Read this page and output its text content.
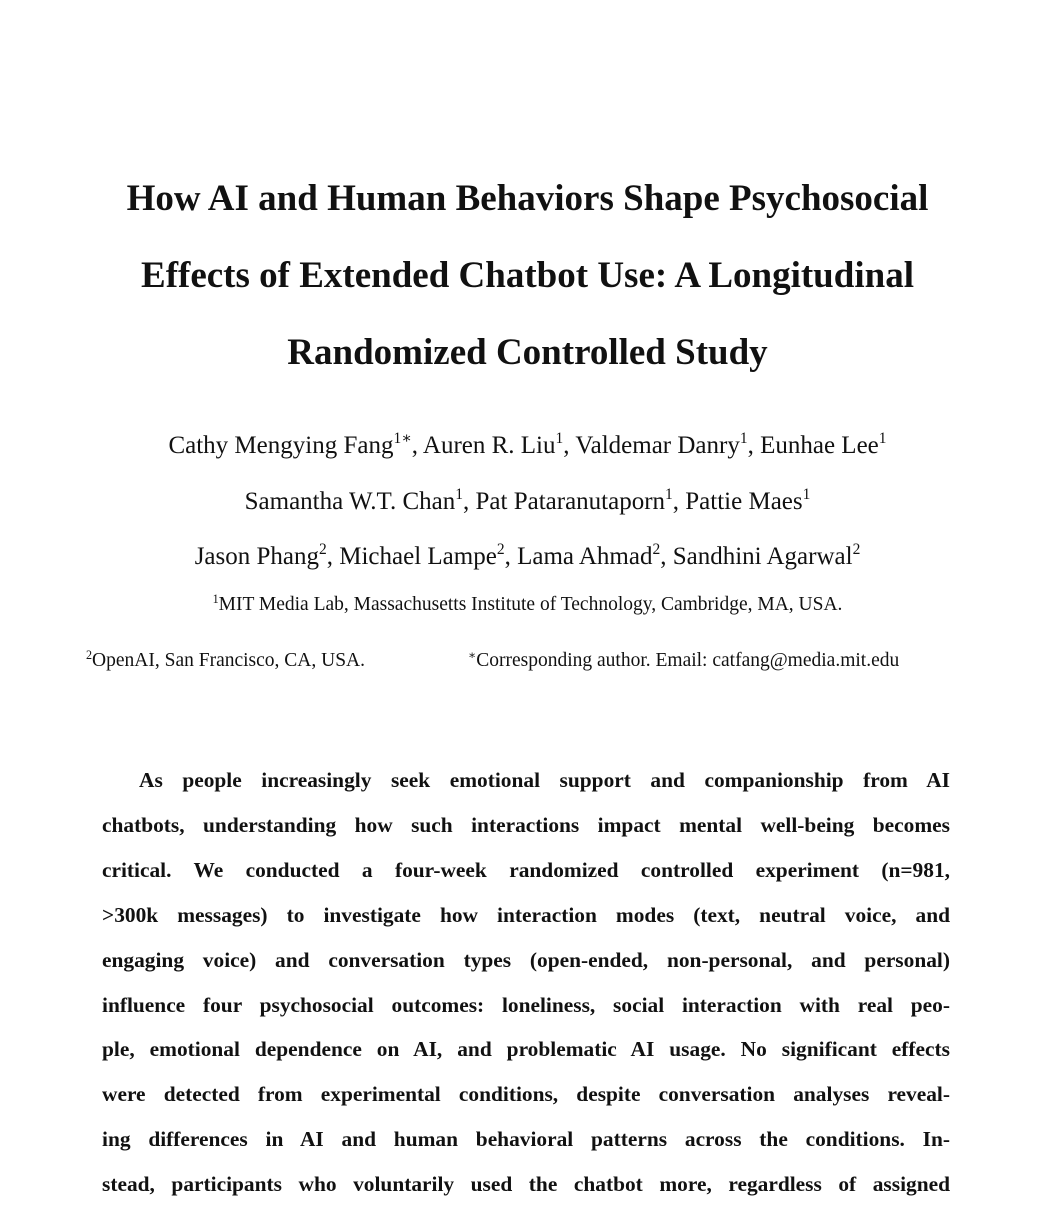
How AI and Human Behaviors Shape Psychosocial
Effects of Extended Chatbot Use: A Longitudinal
Randomized Controlled Study
Cathy Mengying Fang$^{1∗}$, Auren R. Liu$^1$, Valdemar Danry$^1$, Eunhae Lee$^1$
Samantha W.T. Chan$^1$, Pat Pataranutaporn$^1$, Pattie Maes$^1$
Jason Phang$^2$, Michael Lampe$^2$, Lama Ahmad$^2$, Sandhini Agarwal$^2$
$^1$MIT Media Lab, Massachusetts Institute of Technology, Cambridge, MA, USA.
$^2$OpenAI, San Francisco, CA, USA.	∗Corresponding author. Email: catfang@media.mit.edu
As people increasingly seek emotional support and companionship from AI
chatbots, understanding how such interactions impact mental well-being becomes
critical. We conducted a four-week randomized controlled experiment (n=981,
>300k messages) to investigate how interaction modes (text, neutral voice, and
engaging voice) and conversation types (open-ended, non-personal, and personal)
influence four psychosocial outcomes: loneliness, social interaction with real peo-
ple, emotional dependence on AI, and problematic AI usage. No significant effects
were detected from experimental conditions, despite conversation analyses reveal-
ing differences in AI and human behavioral patterns across the conditions. In-
stead, participants who voluntarily used the chatbot more, regardless of assigned
